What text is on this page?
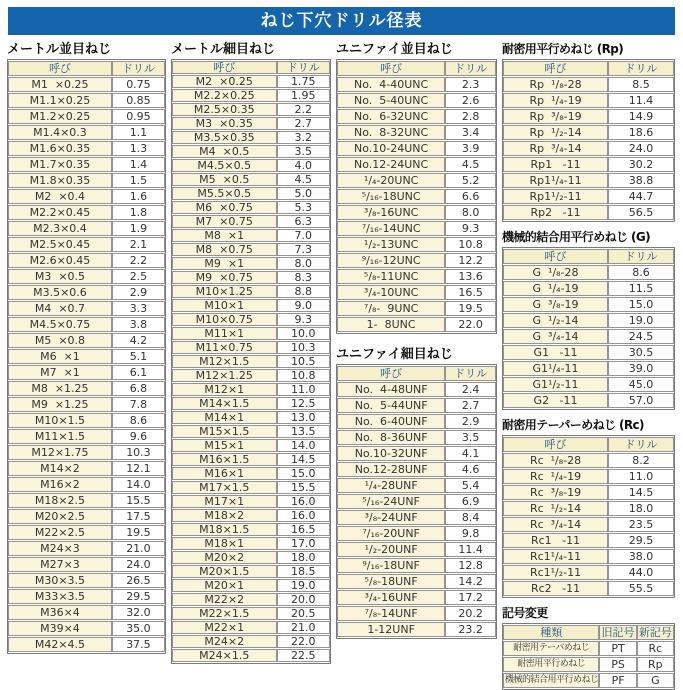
ねじ下穴ドリル径表
メートル並目ねじ
呼び	ドリル
M1  ×0.25	0.75
M1.1×0.25	0.85
M1.2×0.25	0.95
M1.4×0.3	1.1
M1.6×0.35	1.3
M1.7×0.35	1.4
M1.8×0.35	1.5
M2  ×0.4	1.6
M2.2×0.45	1.8
M2.3×0.4	1.9
M2.5×0.45	2.1
M2.6×0.45	2.2
M3  ×0.5	2.5
M3.5×0.6	2.9
M4  ×0.7	3.3
M4.5×0.75	3.8
M5  ×0.8	4.2
M6  ×1	5.1
M7  ×1	6.1
M8  ×1.25	6.8
M9  ×1.25	7.8
M10×1.5	8.6
M11×1.5	9.6
M12×1.75	10.3
M14×2	12.1
M16×2	14.0
M18×2.5	15.5
M20×2.5	17.5
M22×2.5	19.5
M24×3	21.0
M27×3	24.0
M30×3.5	26.5
M33×3.5	29.5
M36×4	32.0
M39×4	35.0
M42×4.5	37.5
メートル細目ねじ
呼び	ドリル
M2  ×0.25	1.75
M2.2×0.25	1.95
M2.5×0.35	2.2
M3  ×0.35	2.7
M3.5×0.35	3.2
M4  ×0.5	3.5
M4.5×0.5	4.0
M5  ×0.5	4.5
M5.5×0.5	5.0
M6  ×0.75	5.3
M7  ×0.75	6.3
M8  ×1	7.0
M8  ×0.75	7.3
M9  ×1	8.0
M9  ×0.75	8.3
M10×1.25	8.8
M10×1	9.0
M10×0.75	9.3
M11×1	10.0
M11×0.75	10.3
M12×1.5	10.5
M12×1.25	10.8
M12×1	11.0
M14×1.5	12.5
M14×1	13.0
M15×1.5	13.5
M15×1	14.0
M16×1.5	14.5
M16×1	15.0
M17×1.5	15.5
M17×1	16.0
M18×2	16.0
M18×1.5	16.5
M18×1	17.0
M20×2	18.0
M20×1.5	18.5
M20×1	19.0
M22×2	20.0
M22×1.5	20.5
M22×1	21.0
M24×2	22.0
M24×1.5	22.5
ユニファイ並目ねじ
呼び	ドリル
No.  4-40UNC	2.3
No.  5-40UNC	2.6
No.  6-32UNC	2.8
No.  8-32UNC	3.4
No.10-24UNC	3.9
No.12-24UNC	4.5
¹/₄-20UNC	5.2
⁵/₁₆-18UNC	6.6
³/₈-16UNC	8.0
⁷/₁₆-14UNC	9.3
¹/₂-13UNC	10.8
⁹/₁₆-12UNC	12.2
⁵/₈-11UNC	13.6
³/₄-10UNC	16.5
⁷/₈-  9UNC	19.5
1-  8UNC	22.0
ユニファイ細目ねじ
呼び	ドリル
No.  4-48UNF	2.4
No.  5-44UNF	2.7
No.  6-40UNF	2.9
No.  8-36UNF	3.5
No.10-32UNF	4.1
No.12-28UNF	4.6
¹/₄-28UNF	5.4
⁵/₁₆-24UNF	6.9
³/₈-24UNF	8.4
⁷/₁₆-20UNF	9.8
¹/₂-20UNF	11.4
⁹/₁₆-18UNF	12.8
⁵/₈-18UNF	14.2
³/₄-16UNF	17.2
⁷/₈-14UNF	20.2
1-12UNF	23.2
耐密用平行めねじ (Rp)
呼び	ドリル
Rp  ¹/₈-28	8.5
Rp  ¹/₄-19	11.4
Rp  ³/₈-19	14.9
Rp  ¹/₂-14	18.6
Rp  ³/₄-14	24.0
Rp1   -11	30.2
Rp1¹/₄-11	38.8
Rp1¹/₂-11	44.7
Rp2   -11	56.5
機械的結合用平行めねじ (G)
呼び	ドリル
G  ¹/₈-28	8.6
G  ¹/₄-19	11.5
G  ³/₈-19	15.0
G  ¹/₂-14	19.0
G  ³/₄-14	24.5
G1   -11	30.5
G1¹/₄-11	39.0
G1¹/₂-11	45.0
G2   -11	57.0
耐密用テーパーめねじ (Rc)
呼び	ドリル
Rc  ¹/₈-28	8.2
Rc  ¹/₄-19	11.0
Rc  ³/₈-19	14.5
Rc  ¹/₂-14	18.0
Rc  ³/₄-14	23.5
Rc1   -11	29.5
Rc1¹/₄-11	38.0
Rc1¹/₂-11	44.0
Rc2   -11	55.5
記号変更
種類	旧記号	新記号
耐密用テーパめねじ	PT	Rc
耐密用平行めねじ	PS	Rp
機械的結合用平行めねじ	PF	G
